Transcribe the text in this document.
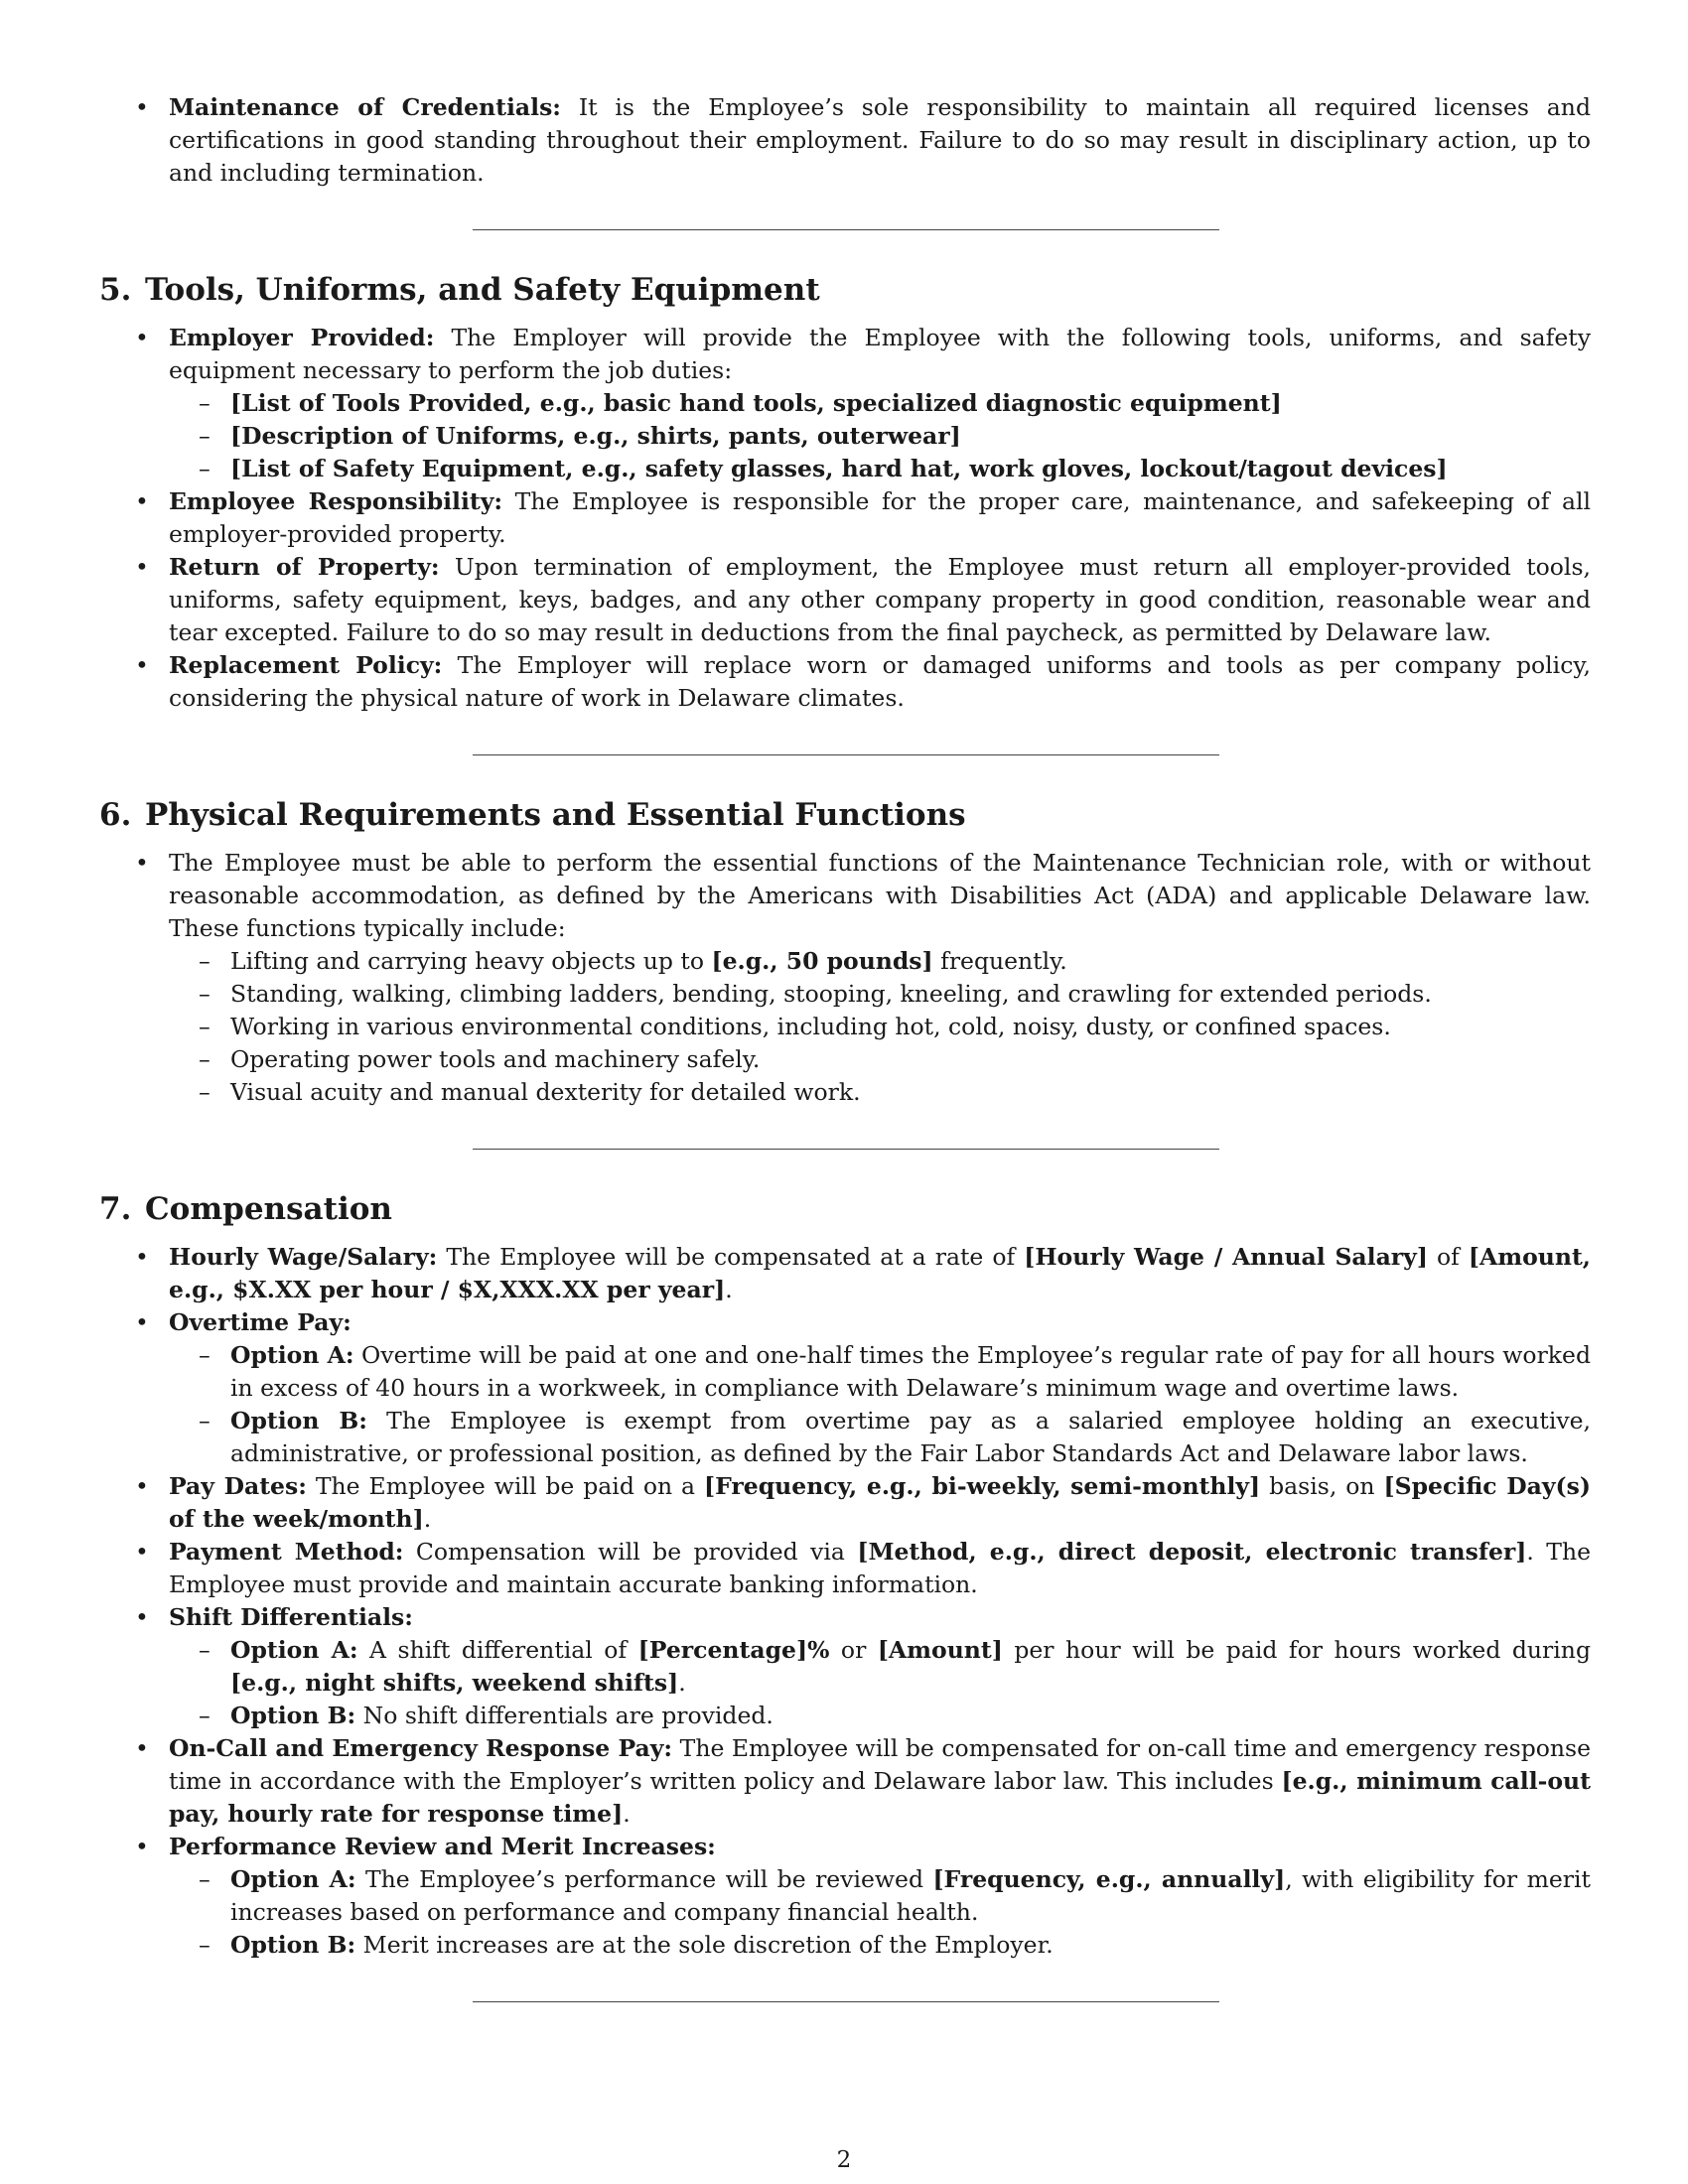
• Maintenance of Credentials: It is the Employee’s sole responsibility to maintain all required licenses and certifications in good standing throughout their employment. Failure to do so may result in disciplinary action, up to and including termination.
5. Tools, Uniforms, and Safety Equipment
• Employer Provided: The Employer will provide the Employee with the following tools, uniforms, and safety equipment necessary to perform the job duties:
– [List of Tools Provided, e.g., basic hand tools, specialized diagnostic equipment]
– [Description of Uniforms, e.g., shirts, pants, outerwear]
– [List of Safety Equipment, e.g., safety glasses, hard hat, work gloves, lockout/tagout devices]
• Employee Responsibility: The Employee is responsible for the proper care, maintenance, and safekeeping of all employer-provided property.
• Return of Property: Upon termination of employment, the Employee must return all employer-provided tools, uniforms, safety equipment, keys, badges, and any other company property in good condition, reasonable wear and tear excepted. Failure to do so may result in deductions from the final paycheck, as permitted by Delaware law.
• Replacement Policy: The Employer will replace worn or damaged uniforms and tools as per company policy, considering the physical nature of work in Delaware climates.
6. Physical Requirements and Essential Functions
• The Employee must be able to perform the essential functions of the Maintenance Technician role, with or without reasonable accommodation, as defined by the Americans with Disabilities Act (ADA) and applicable Delaware law. These functions typically include:
– Lifting and carrying heavy objects up to [e.g., 50 pounds] frequently.
– Standing, walking, climbing ladders, bending, stooping, kneeling, and crawling for extended periods.
– Working in various environmental conditions, including hot, cold, noisy, dusty, or confined spaces.
– Operating power tools and machinery safely.
– Visual acuity and manual dexterity for detailed work.
7. Compensation
• Hourly Wage/Salary: The Employee will be compensated at a rate of [Hourly Wage / Annual Salary] of [Amount, e.g., $X.XX per hour / $X,XXX.XX per year].
• Overtime Pay:
– Option A: Overtime will be paid at one and one-half times the Employee’s regular rate of pay for all hours worked in excess of 40 hours in a workweek, in compliance with Delaware’s minimum wage and overtime laws.
– Option B: The Employee is exempt from overtime pay as a salaried employee holding an executive, administrative, or professional position, as defined by the Fair Labor Standards Act and Delaware labor laws.
• Pay Dates: The Employee will be paid on a [Frequency, e.g., bi-weekly, semi-monthly] basis, on [Specific Day(s) of the week/month].
• Payment Method: Compensation will be provided via [Method, e.g., direct deposit, electronic transfer]. The Employee must provide and maintain accurate banking information.
• Shift Differentials:
– Option A: A shift differential of [Percentage]% or [Amount] per hour will be paid for hours worked during [e.g., night shifts, weekend shifts].
– Option B: No shift differentials are provided.
• On-Call and Emergency Response Pay: The Employee will be compensated for on-call time and emergency response time in accordance with the Employer’s written policy and Delaware labor law. This includes [e.g., minimum call-out pay, hourly rate for response time].
• Performance Review and Merit Increases:
– Option A: The Employee’s performance will be reviewed [Frequency, e.g., annually], with eligibility for merit increases based on performance and company financial health.
– Option B: Merit increases are at the sole discretion of the Employer.
2
